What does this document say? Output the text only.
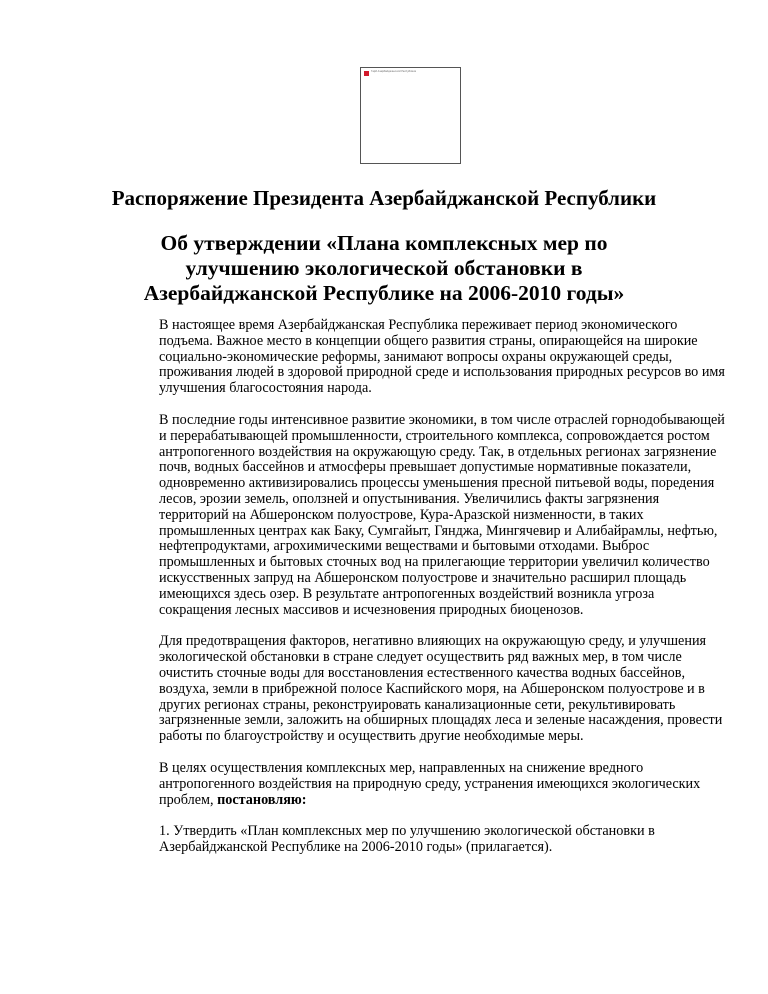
Герб Азербайджанской Республики
Распоряжение Президента Азербайджанской Республики
Об утверждении «Плана комплексных мер по улучшению экологической обстановки в Азербайджанской Республике на 2006-2010 годы»

В настоящее время Азербайджанская Республика переживает период экономического подъема. Важное место в концепции общего развития страны, опирающейся на широкие социально-экономические реформы, занимают вопросы охраны окружающей среды, проживания людей в здоровой природной среде и использования природных ресурсов во имя улучшения благосостояния народа.

В последние годы интенсивное развитие экономики, в том числе отраслей горнодобывающей и перерабатывающей промышленности, строительного комплекса, сопровождается ростом антропогенного воздействия на окружающую среду. Так, в отдельных регионах загрязнение почв, водных бассейнов и атмосферы превышает допустимые нормативные показатели, одновременно активизировались процессы уменьшения пресной питьевой воды, поредения лесов, эрозии земель, оползней и опустынивания. Увеличились факты загрязнения территорий на Абшеронском полуострове, Кура-Аразской низменности, в таких промышленных центрах как Баку, Сумгайыт, Гянджа, Мингячевир и Алибайрамлы, нефтью, нефтепродуктами, агрохимическими веществами и бытовыми отходами. Выброс промышленных и бытовых сточных вод на прилегающие территории увеличил количество искусственных запруд на Абшеронском полуострове и значительно расширил площадь имеющихся здесь озер. В результате антропогенных воздействий возникла угроза сокращения лесных массивов и исчезновения природных биоценозов.

Для предотвращения факторов, негативно влияющих на окружающую среду, и улучшения экологической обстановки в стране следует осуществить ряд важных мер, в том числе очистить сточные воды для восстановления естественного качества водных бассейнов, воздуха, земли в прибрежной полосе Каспийского моря, на Абшеронском полуострове и в других регионах страны, реконструировать канализационные сети, рекультивировать загрязненные земли, заложить на обширных площадях леса и зеленые насаждения, провести работы по благоустройству и осуществить другие необходимые меры.

В целях осуществления комплексных мер, направленных на снижение вредного антропогенного воздействия на природную среду, устранения имеющихся экологических проблем, постановляю:

1. Утвердить «План комплексных мер по улучшению экологической обстановки в Азербайджанской Республике на 2006-2010 годы» (прилагается).
